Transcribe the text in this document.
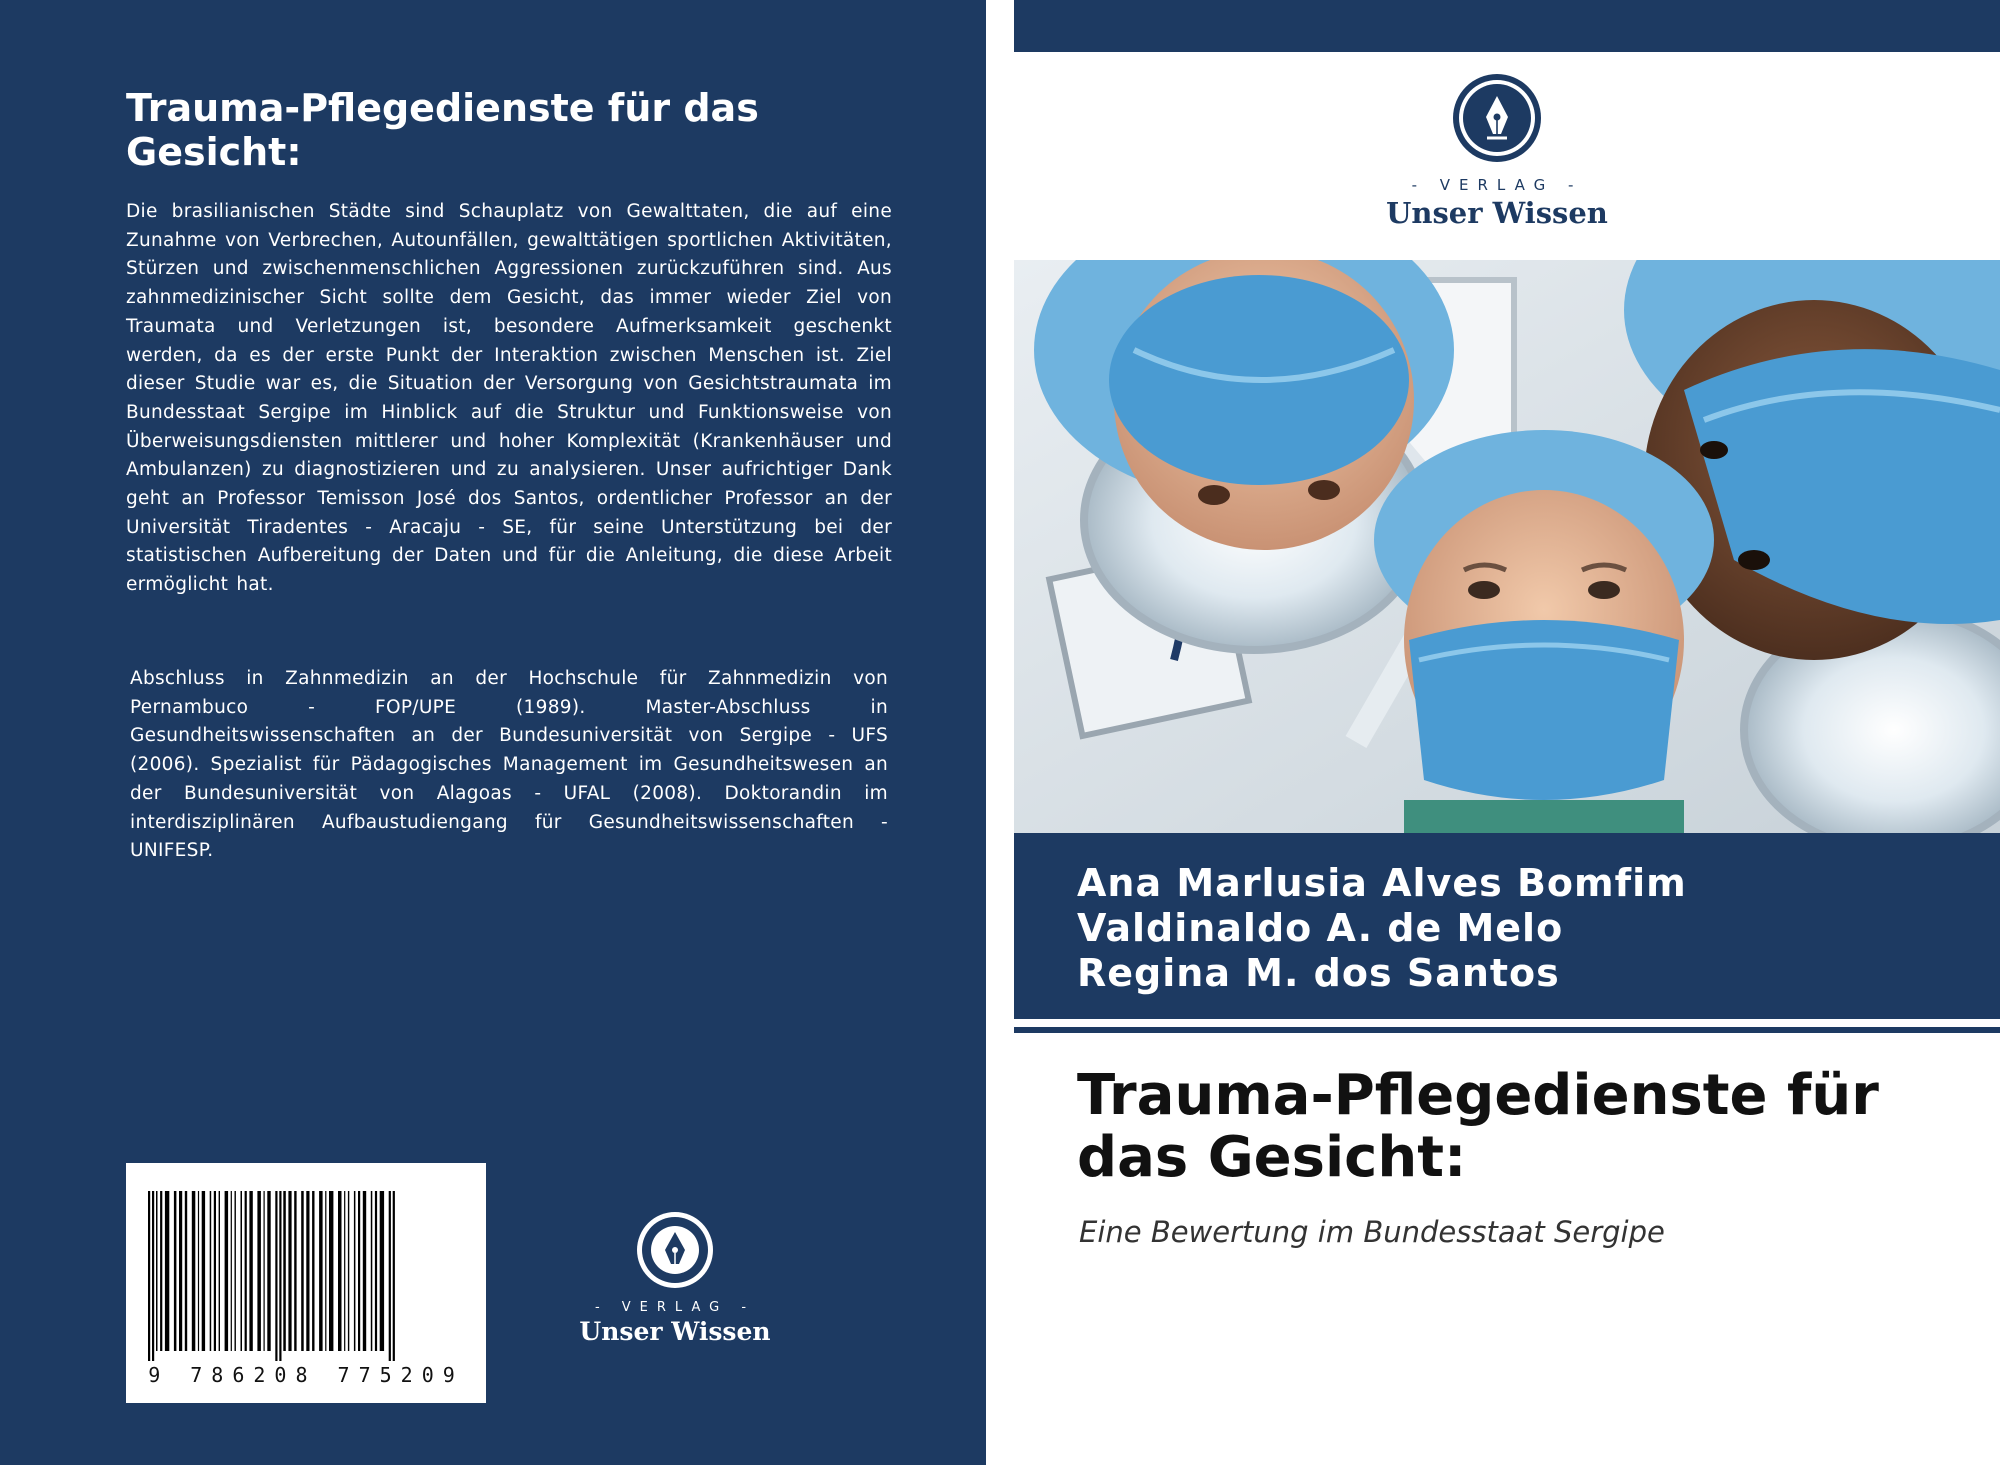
Trauma-Pflegedienste für das Gesicht:
Die brasilianischen Städte sind Schauplatz von Gewalttaten, die auf eine Zunahme von Verbrechen, Autounfällen, gewalttätigen sportlichen Aktivitäten, Stürzen und zwischenmenschlichen Aggressionen zurückzuführen sind. Aus zahnmedizinischer Sicht sollte dem Gesicht, das immer wieder Ziel von Traumata und Verletzungen ist, besondere Aufmerksamkeit geschenkt werden, da es der erste Punkt der Interaktion zwischen Menschen ist. Ziel dieser Studie war es, die Situation der Versorgung von Gesichtstraumata im Bundesstaat Sergipe im Hinblick auf die Struktur und Funktionsweise von Überweisungsdiensten mittlerer und hoher Komplexität (Krankenhäuser und Ambulanzen) zu diagnostizieren und zu analysieren. Unser aufrichtiger Dank geht an Professor Temisson José dos Santos, ordentlicher Professor an der Universität Tiradentes - Aracaju - SE, für seine Unterstützung bei der statistischen Aufbereitung der Daten und für die Anleitung, die diese Arbeit ermöglicht hat.
Abschluss in Zahnmedizin an der Hochschule für Zahnmedizin von Pernambuco - FOP/UPE (1989). Master-Abschluss in Gesundheitswissenschaften an der Bundesuniversität von Sergipe - UFS (2006). Spezialist für Pädagogisches Management im Gesundheitswesen an der Bundesuniversität von Alagoas - UFAL (2008). Doktorandin im interdisziplinären Aufbaustudiengang für Gesundheitswissenschaften - UNIFESP.
9 786208 775209
- VERLAG -
Unser Wissen
- VERLAG -
Unser Wissen
Ana Marlusia Alves Bomfim
Valdinaldo A. de Melo
Regina M. dos Santos
Trauma-Pflegedienste für das Gesicht:
Eine Bewertung im Bundesstaat Sergipe
